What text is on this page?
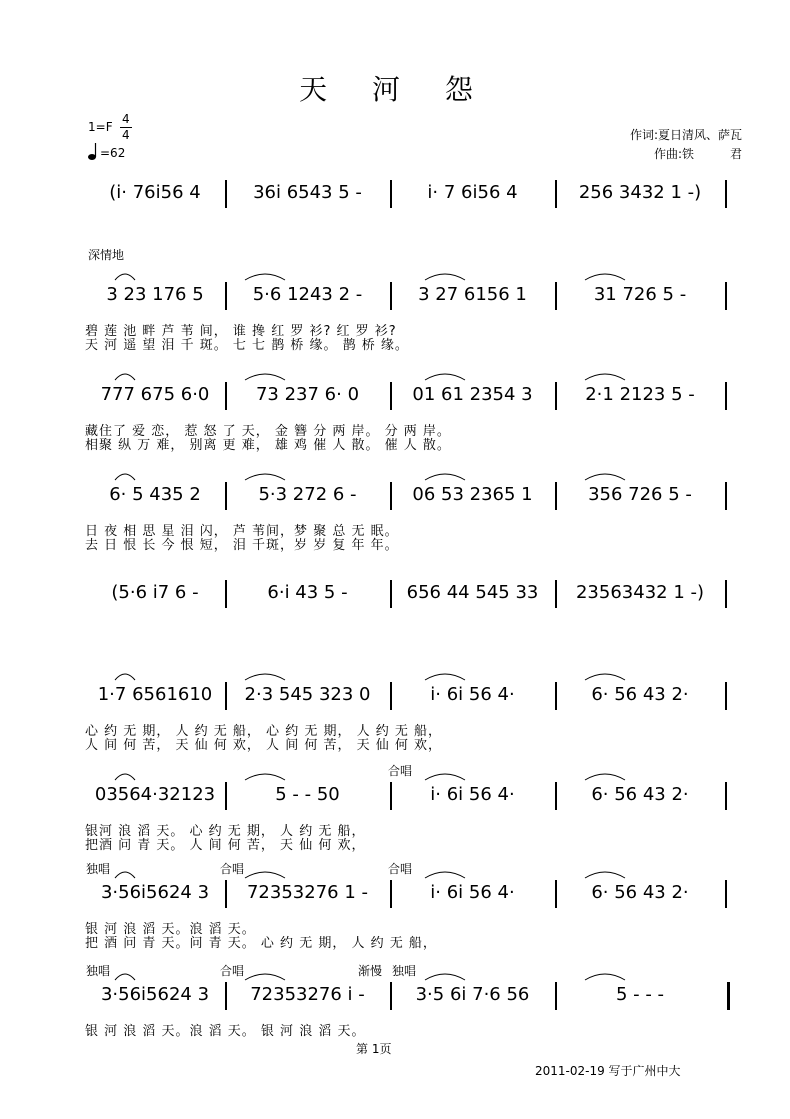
天 河 怨
1=F
4
4
=62
作词:夏日清风、萨瓦
作曲:铁　　　君
深情地
(i· 76i56 4	36i 6543 5 -	i· 7 6i56 4	256 3432 1 -)
3 23 176 5	5·6 1243 2 -	3 27 6156 1	31 726 5 -
碧 莲 池 畔 芦 苇 间， 谁 搀 红 罗 衫? 红 罗 衫?
天 河 遥 望 泪 千 斑。 七 七 鹊 桥 缘。 鹊 桥 缘。
777 675 6·0	73 237 6· 0	01 61 2354 3	2·1 2123 5 -
藏住了 爱 恋， 惹 怒 了 天， 金 簪 分 两 岸。 分 两 岸。
相聚 纵 万 难， 别离 更 难， 雄 鸡 催 人 散。 催 人 散。
6· 5 435 2	5·3 272 6 -	06 53 2365 1	356 726 5 -
日 夜 相 思 星 泪 闪， 芦 苇间，梦 聚 总 无 眠。
去 日 恨 长 今 恨 短， 泪 千斑，岁 岁 复 年 年。
(5·6 i7 6 -	6·i 43 5 -	656 44 545 33	23563432 1 -)
1·7 6561610	2·3 545 323 0	i· 6i 56 4·	6· 56 43 2·
心 约 无 期， 人 约 无 船， 心 约 无 期， 人 约 无 船，
人 间 何 苦， 天 仙 何 欢， 人 间 何 苦， 天 仙 何 欢，
03564·32123	5 - - 50	i· 6i 56 4·	6· 56 43 2·
银河 浪 滔 天。 心 约 无 期， 人 约 无 船，
把酒 问 青 天。 人 间 何 苦， 天 仙 何 欢，
3·56i5624 3	72353276 1 -	i· 6i 56 4·	6· 56 43 2·
银 河 浪 滔 天。浪 滔 天。
把 酒 问 青 天。问 青 天。 心 约 无 期， 人 约 无 船，
3·56i5624 3	72353276 i -	3·5 6i 7·6 56	5 - - -
银 河 浪 滔 天。浪 滔 天。 银 河 浪 滔 天。
合唱
独唱	合唱	合唱
独唱	合唱	渐慢 独唱
第 1页
2011-02-19 写于广州中大
